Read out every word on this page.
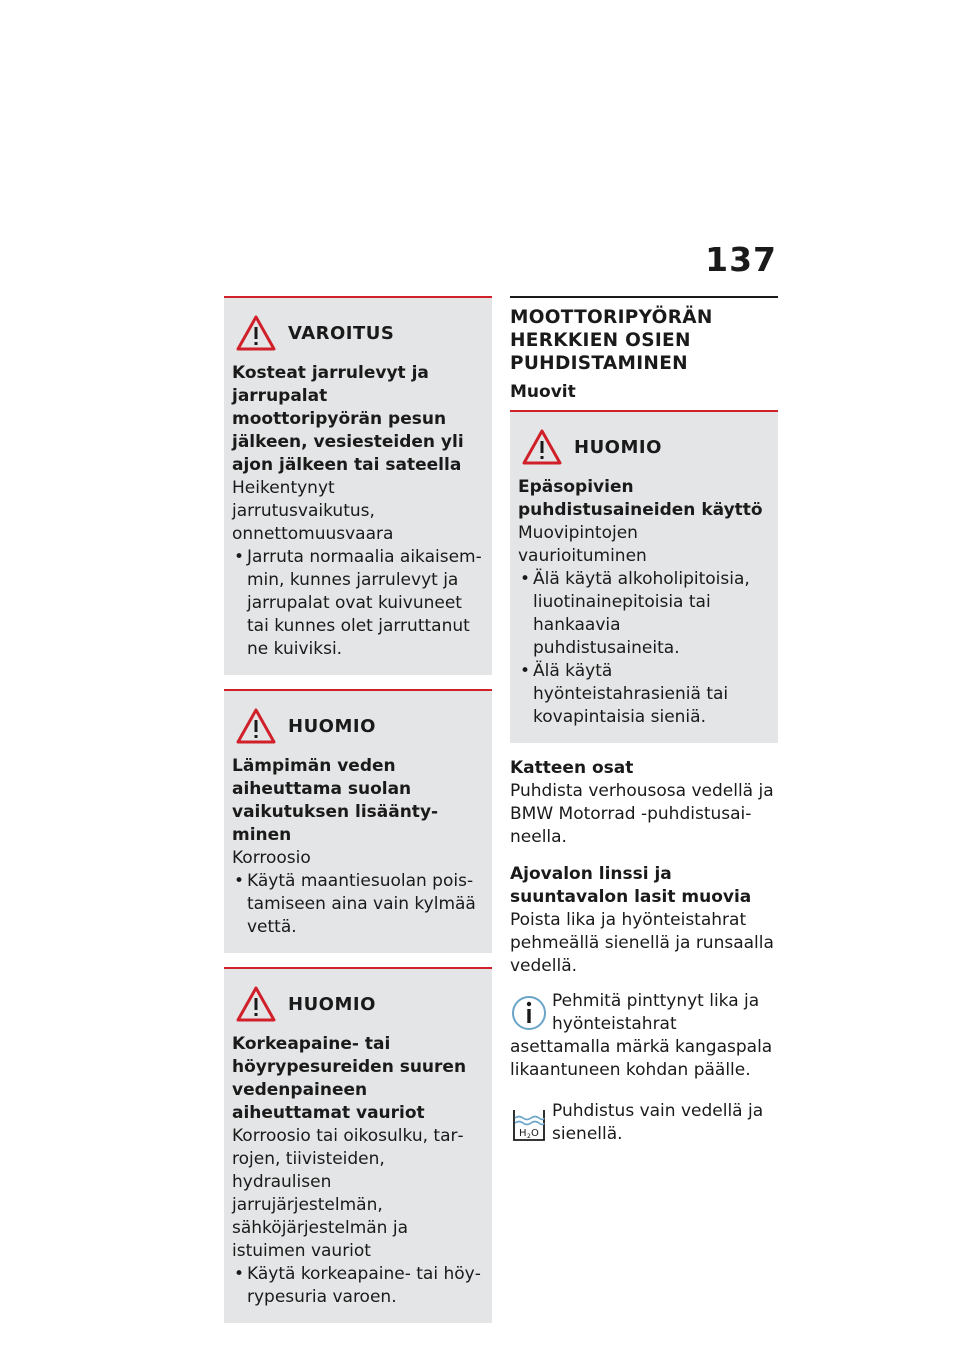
137
VAROITUS
Kosteat jarrulevyt ja jarrupalat moottoripyörän pesun jälkeen, vesiesteiden yli ajon jälkeen tai sateella
Heikentynyt jarrutusvaikutus, onnettomuusvaara
• Jarruta normaalia aikaisemmin, kunnes jarrulevyt ja jarrupalat ovat kuivuneet tai kunnes olet jarruttanut ne kuiviksi.
HUOMIO
Lämpimän veden aiheuttama suolan vaikutuksen lisääntyminen
Korroosio
• Käytä maantiesuolan poistamiseen aina vain kylmää vettä.
HUOMIO
Korkeapaine- tai höyrypesureiden suuren vedenpaineen aiheuttamat vauriot
Korroosio tai oikosulku, tarrojen, tiivisteiden, hydraulisen jarrujärjestelmän, sähköjärjestelmän ja istuimen vauriot
• Käytä korkeapaine- tai höyrypesuria varoen.
MOOTTORIPYÖRÄN HERKKIEN OSIEN PUHDISTAMINEN
Muovit
HUOMIO
Epäsopivien puhdistusaineiden käyttö
Muovipintojen vaurioituminen
• Älä käytä alkoholipitoisia, liuotinainepitoisia tai hankaavia puhdistusaineita.
• Älä käytä hyönteistahrasieniä tai kovapintaisia sieniä.
Katteen osat
Puhdista verhousosa vedellä ja BMW Motorrad -puhdistusaineella.
Ajovalon linssi ja suuntavalon lasit muovia
Poista lika ja hyönteistahrat pehmeällä sienellä ja runsaalla vedellä.
Pehmitä pinttynyt lika ja hyönteistahrat asettamalla märkä kangaspala likaantuneen kohdan päälle.
H 2 O
Puhdistus vain vedellä ja sienellä.
